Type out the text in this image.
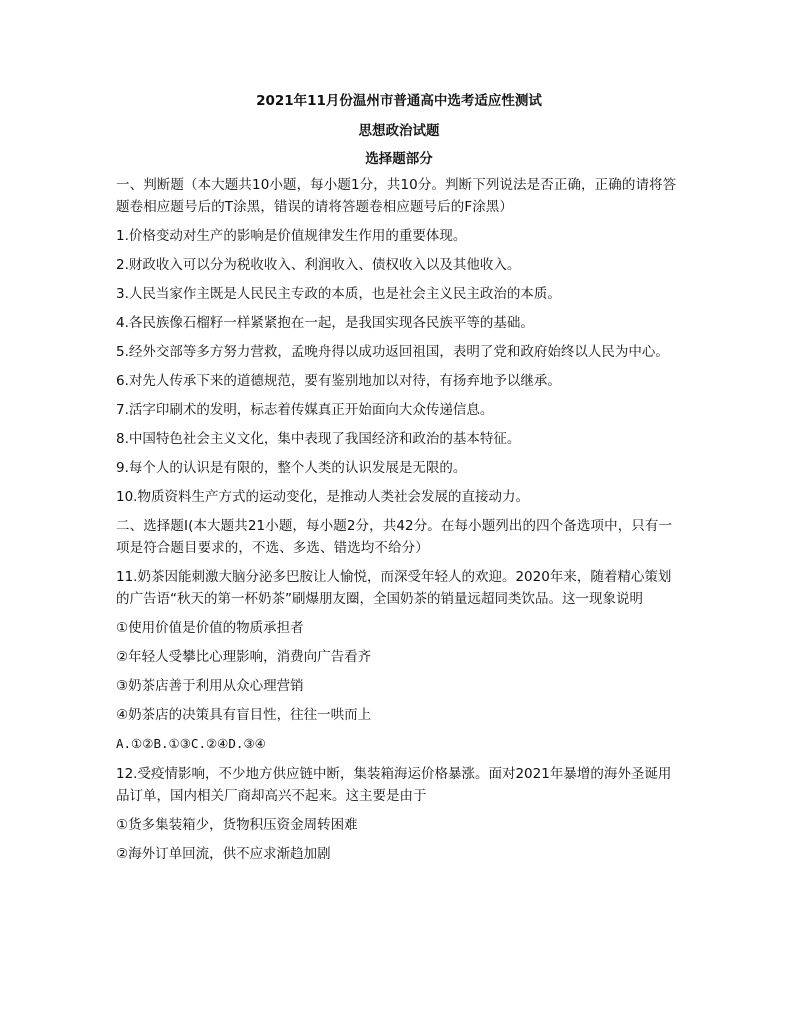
2021年11月份温州市普通高中选考适应性测试
思想政治试题
选择题部分
一、判断题（本大题共10小题，每小题1分，共10分。判断下列说法是否正确，正确的请将答题卷相应题号后的T涂黑，错误的请将答题卷相应题号后的F涂黑）
1.价格变动对生产的影响是价值规律发生作用的重要体现。
2.财政收入可以分为税收收入、利润收入、债权收入以及其他收入。
3.人民当家作主既是人民民主专政的本质，也是社会主义民主政治的本质。
4.各民族像石榴籽一样紧紧抱在一起，是我国实现各民族平等的基础。
5.经外交部等多方努力营救，孟晚舟得以成功返回祖国，表明了党和政府始终以人民为中心。
6.对先人传承下来的道德规范，要有鉴别地加以对待，有扬弃地予以继承。
7.活字印刷术的发明，标志着传媒真正开始面向大众传递信息。
8.中国特色社会主义文化，集中表现了我国经济和政治的基本特征。
9.每个人的认识是有限的，整个人类的认识发展是无限的。
10.物质资料生产方式的运动变化，是推动人类社会发展的直接动力。
二、选择题I(本大题共21小题，每小题2分，共42分。在每小题列出的四个备选项中，只有一项是符合题目要求的，不选、多选、错选均不给分）
11.奶茶因能刺激大脑分泌多巴胺让人愉悦，而深受年轻人的欢迎。2020年来，随着精心策划的广告语“秋天的第一杯奶茶”刷爆朋友圈，全国奶茶的销量远超同类饮品。这一现象说明
①使用价值是价值的物质承担者
②年轻人受攀比心理影响，消费向广告看齐
③奶茶店善于利用从众心理营销
④奶茶店的决策具有盲目性，往往一哄而上
A.①②B.①③C.②④D.③④
12.受疫情影响，不少地方供应链中断，集装箱海运价格暴涨。面对2021年暴增的海外圣诞用品订单，国内相关厂商却高兴不起来。这主要是由于
①货多集装箱少，货物积压资金周转困难
②海外订单回流，供不应求渐趋加剧
